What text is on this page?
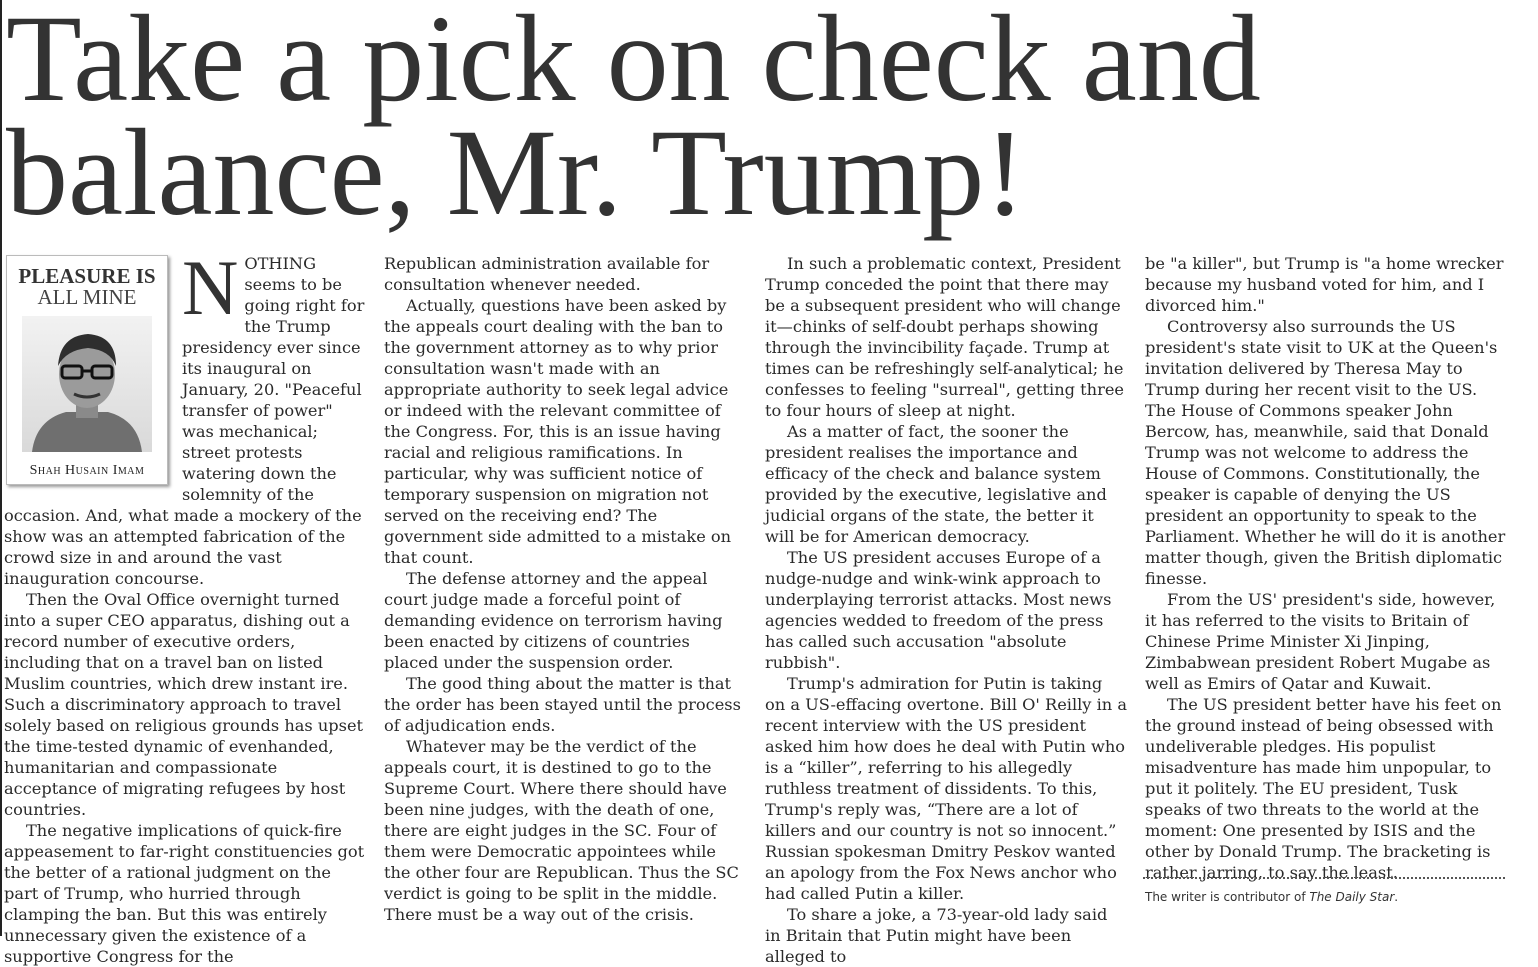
Take a pick on check and balance, Mr. Trump!
PLEASURE IS
ALL MINE
Shah Husain Imam
N OTHING seems to be going right for the Trump presidency ever since its inaugural on January, 20. "Peaceful transfer of power" was mechanical; street protests watering down the solemnity of the occasion. And, what made a mockery of the show was an attempted fabrication of the crowd size in and around the vast inauguration concourse.

Then the Oval Office overnight turned into a super CEO apparatus, dishing out a record number of executive orders, including that on a travel ban on listed Muslim countries, which drew instant ire. Such a discriminatory approach to travel solely based on religious grounds has upset the time-tested dynamic of evenhanded, humanitarian and compassionate acceptance of migrating refugees by host countries.

The negative implications of quick-fire appeasement to far-right constituencies got the better of a rational judgment on the part of Trump, who hurried through clamping the ban. But this was entirely unnecessary given the existence of a supportive Congress for the

Republican administration available for consultation whenever needed.

Actually, questions have been asked by the appeals court dealing with the ban to the government attorney as to why prior consultation wasn't made with an appropriate authority to seek legal advice or indeed with the relevant committee of the Congress. For, this is an issue having racial and religious ramifications. In particular, why was sufficient notice of temporary suspension on migration not served on the receiving end? The government side admitted to a mistake on that count.

The defense attorney and the appeal court judge made a forceful point of demanding evidence on terrorism having been enacted by citizens of countries placed under the suspension order.

The good thing about the matter is that the order has been stayed until the process of adjudication ends.

Whatever may be the verdict of the appeals court, it is destined to go to the Supreme Court. Where there should have been nine judges, with the death of one, there are eight judges in the SC. Four of them were Democratic appointees while the other four are Republican. Thus the SC verdict is going to be split in the middle. There must be a way out of the crisis.

In such a problematic context, President Trump conceded the point that there may be a subsequent president who will change it—chinks of self-doubt perhaps showing through the invincibility façade. Trump at times can be refreshingly self-analytical; he confesses to feeling "surreal", getting three to four hours of sleep at night.

As a matter of fact, the sooner the president realises the importance and efficacy of the check and balance system provided by the executive, legislative and judicial organs of the state, the better it will be for American democracy.

The US president accuses Europe of a nudge-nudge and wink-wink approach to underplaying terrorist attacks. Most news agencies wedded to freedom of the press has called such accusation "absolute rubbish".

Trump's admiration for Putin is taking on a US-effacing overtone. Bill O' Reilly in a recent interview with the US president asked him how does he deal with Putin who is a “killer”, referring to his allegedly ruthless treatment of dissidents. To this, Trump's reply was, “There are a lot of killers and our country is not so innocent.” Russian spokesman Dmitry Peskov wanted an apology from the Fox News anchor who had called Putin a killer.

To share a joke, a 73-year-old lady said in Britain that Putin might have been alleged to

be "a killer", but Trump is "a home wrecker because my husband voted for him, and I divorced him."

Controversy also surrounds the US president's state visit to UK at the Queen's invitation delivered by Theresa May to Trump during her recent visit to the US. The House of Commons speaker John Bercow, has, meanwhile, said that Donald Trump was not welcome to address the House of Commons. Constitutionally, the speaker is capable of denying the US president an opportunity to speak to the Parliament. Whether he will do it is another matter though, given the British diplomatic finesse.

From the US' president's side, however, it has referred to the visits to Britain of Chinese Prime Minister Xi Jinping, Zimbabwean president Robert Mugabe as well as Emirs of Qatar and Kuwait.

The US president better have his feet on the ground instead of being obsessed with undeliverable pledges. His populist misadventure has made him unpopular, to put it politely. The EU president, Tusk speaks of two threats to the world at the moment: One presented by ISIS and the other by Donald Trump. The bracketing is rather jarring, to say the least.

The writer is contributor of The Daily Star.
